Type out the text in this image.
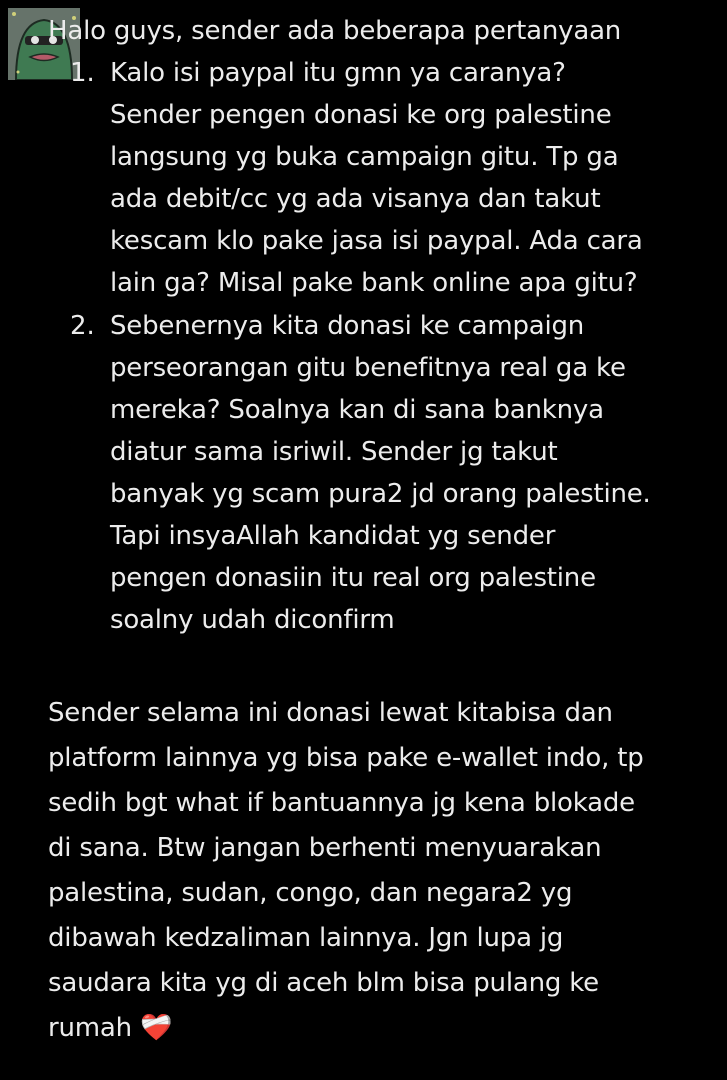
Halo guys, sender ada beberapa pertanyaan
1. Kalo isi paypal itu gmn ya caranya?
Sender pengen donasi ke org palestine
langsung yg buka campaign gitu. Tp ga
ada debit/cc yg ada visanya dan takut
kescam klo pake jasa isi paypal. Ada cara
lain ga? Misal pake bank online apa gitu?
2. Sebenernya kita donasi ke campaign
perseorangan gitu benefitnya real ga ke
mereka? Soalnya kan di sana banknya
diatur sama isriwil. Sender jg takut
banyak yg scam pura2 jd orang palestine.
Tapi insyaAllah kandidat yg sender
pengen donasiin itu real org palestine
soalny udah diconfirm
Sender selama ini donasi lewat kitabisa dan
platform lainnya yg bisa pake e-wallet indo, tp
sedih bgt what if bantuannya jg kena blokade
di sana. Btw jangan berhenti menyuarakan
palestina, sudan, congo, dan negara2 yg
dibawah kedzaliman lainnya. Jgn lupa jg
saudara kita yg di aceh blm bisa pulang ke
rumah ❤️‍🩹
